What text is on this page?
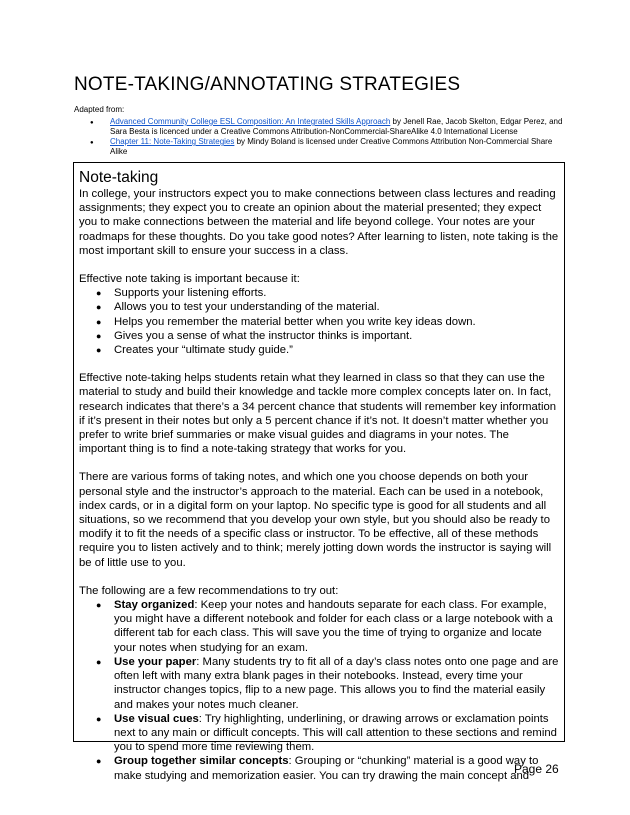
NOTE-TAKING/ANNOTATING STRATEGIES
Adapted from:
● Advanced Community College ESL Composition: An Integrated Skills Approach by Jenell Rae, Jacob Skelton, Edgar Perez, and Sara Besta is licenced under a Creative Commons Attribution-NonCommercial-ShareAlike 4.0 International License
● Chapter 11: Note-Taking Strategies by Mindy Boland is licensed under Creative Commons Attribution Non-Commercial Share Alike
Note-taking

In college, your instructors expect you to make connections between class lectures and reading assignments; they expect you to create an opinion about the material presented; they expect you to make connections between the material and life beyond college. Your notes are your roadmaps for these thoughts. Do you take good notes? After learning to listen, note taking is the most important skill to ensure your success in a class.

Effective note taking is important because it:

● Supports your listening efforts.
● Allows you to test your understanding of the material.
● Helps you remember the material better when you write key ideas down.
● Gives you a sense of what the instructor thinks is important.
● Creates your “ultimate study guide.”

Effective note-taking helps students retain what they learned in class so that they can use the material to study and build their knowledge and tackle more complex concepts later on. In fact, research indicates that there’s a 34 percent chance that students will remember key information if it’s present in their notes but only a 5 percent chance if it’s not. It doesn’t matter whether you prefer to write brief summaries or make visual guides and diagrams in your notes. The important thing is to find a note-taking strategy that works for you.

There are various forms of taking notes, and which one you choose depends on both your personal style and the instructor’s approach to the material. Each can be used in a notebook, index cards, or in a digital form on your laptop. No specific type is good for all students and all situations, so we recommend that you develop your own style, but you should also be ready to modify it to fit the needs of a specific class or instructor. To be effective, all of these methods require you to listen actively and to think; merely jotting down words the instructor is saying will be of little use to you.

The following are a few recommendations to try out:

● Stay organized: Keep your notes and handouts separate for each class. For example, you might have a different notebook and folder for each class or a large notebook with a different tab for each class. This will save you the time of trying to organize and locate your notes when studying for an exam.
● Use your paper: Many students try to fit all of a day’s class notes onto one page and are often left with many extra blank pages in their notebooks. Instead, every time your instructor changes topics, flip to a new page. This allows you to find the material easily and makes your notes much cleaner.
● Use visual cues: Try highlighting, underlining, or drawing arrows or exclamation points next to any main or difficult concepts. This will call attention to these sections and remind you to spend more time reviewing them.
● Group together similar concepts: Grouping or “chunking” material is a good way to make studying and memorization easier. You can try drawing the main concept and
Page 26
